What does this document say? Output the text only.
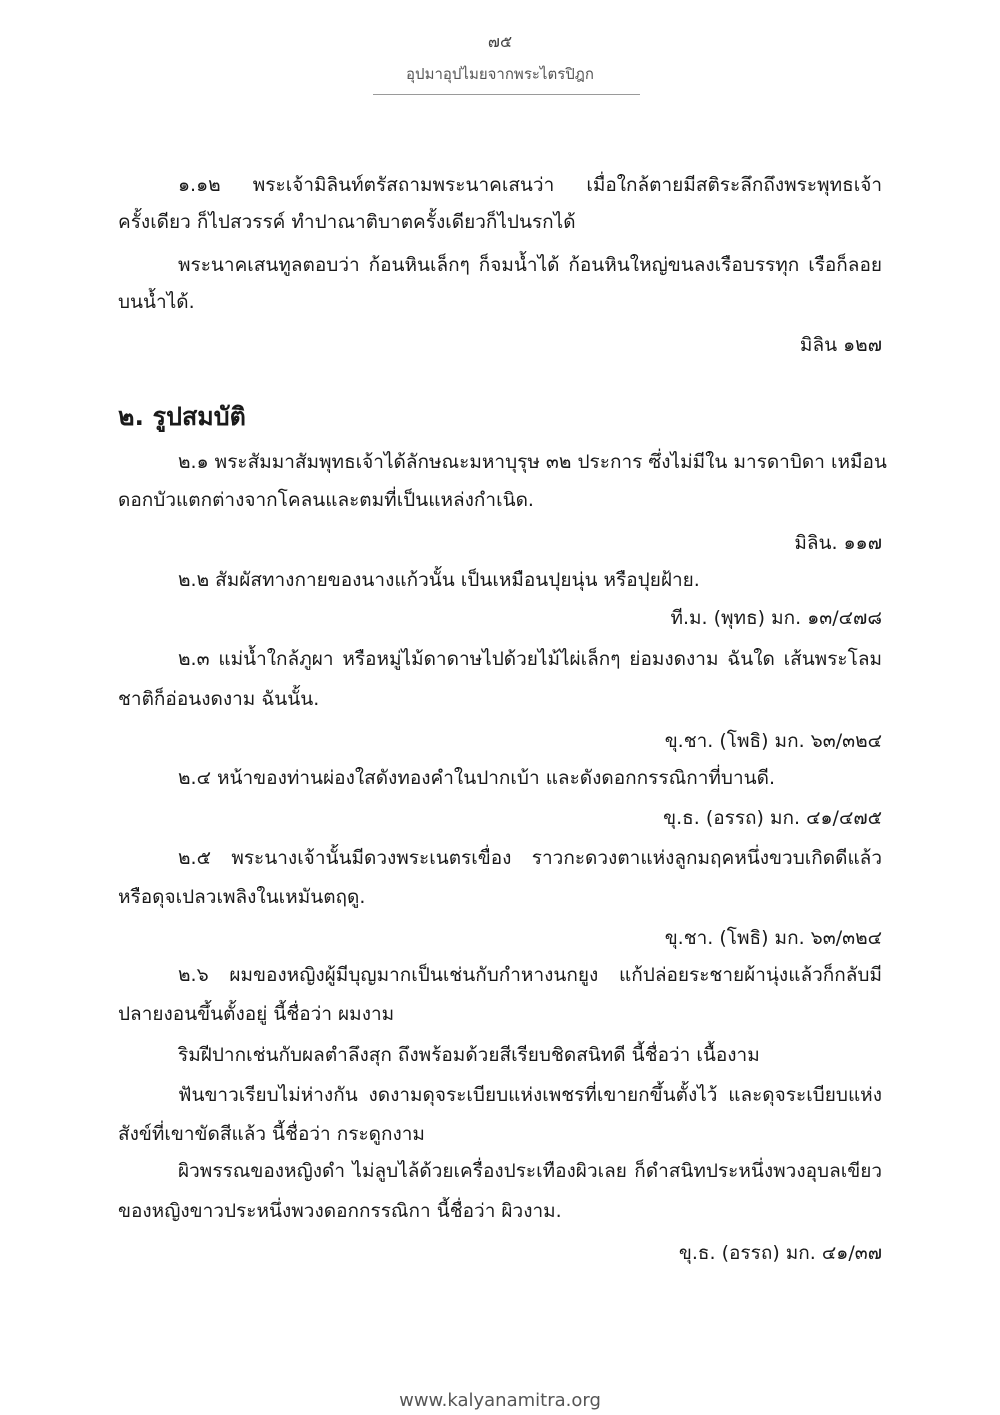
๗๕
อุปมาอุปไมยจากพระไตรปิฎก
๑.๑๒ พระเจ้ามิลินท์ตรัสถามพระนาคเสนว่า เมื่อใกล้ตายมีสติระลึกถึงพระพุทธเจ้า
ครั้งเดียว ก็ไปสวรรค์ ทำปาณาติบาตครั้งเดียวก็ไปนรกได้
พระนาคเสนทูลตอบว่า ก้อนหินเล็กๆ ก็จมน้ำได้ ก้อนหินใหญ่ขนลงเรือบรรทุก เรือก็ลอย
บนน้ำได้.
มิลิน ๑๒๗
๒. รูปสมบัติ
๒.๑ พระสัมมาสัมพุทธเจ้าได้ลักษณะมหาบุรุษ ๓๒ ประการ ซึ่งไม่มีใน มารดาบิดา เหมือน
ดอกบัวแตกต่างจากโคลนและตมที่เป็นแหล่งกำเนิด.
มิลิน. ๑๑๗
๒.๒ สัมผัสทางกายของนางแก้วนั้น เป็นเหมือนปุยนุ่น หรือปุยฝ้าย.
ที.ม. (พุทธ) มก. ๑๓/๔๗๘
๒.๓ แม่น้ำใกล้ภูผา หรือหมู่ไม้ดาดาษไปด้วยไม้ไผ่เล็กๆ ย่อมงดงาม ฉันใด เส้นพระโลม
ชาติก็อ่อนงดงาม ฉันนั้น.
ขุ.ชา. (โพธิ) มก. ๖๓/๓๒๔
๒.๔ หน้าของท่านผ่องใสดังทองคำในปากเบ้า และดังดอกกรรณิกาที่บานดี.
ขุ.ธ. (อรรถ) มก. ๔๑/๔๗๕
๒.๕ พระนางเจ้านั้นมีดวงพระเนตรเขื่อง ราวกะดวงตาแห่งลูกมฤคหนึ่งขวบเกิดดีแล้ว
หรือดุจเปลวเพลิงในเหมันตฤดู.
ขุ.ชา. (โพธิ) มก. ๖๓/๓๒๔
๒.๖ ผมของหญิงผู้มีบุญมากเป็นเช่นกับกำหางนกยูง แก้ปล่อยระชายผ้านุ่งแล้วก็กลับมี
ปลายงอนขึ้นตั้งอยู่ นี้ชื่อว่า ผมงาม
ริมฝีปากเช่นกับผลตำลึงสุก ถึงพร้อมด้วยสีเรียบชิดสนิทดี นี้ชื่อว่า เนื้องาม
ฟันขาวเรียบไม่ห่างกัน งดงามดุจระเบียบแห่งเพชรที่เขายกขึ้นตั้งไว้ และดุจระเบียบแห่ง
สังข์ที่เขาขัดสีแล้ว นี้ชื่อว่า กระดูกงาม
ผิวพรรณของหญิงดำ ไม่ลูบไล้ด้วยเครื่องประเทืองผิวเลย ก็ดำสนิทประหนึ่งพวงอุบลเขียว
ของหญิงขาวประหนึ่งพวงดอกกรรณิกา นี้ชื่อว่า ผิวงาม.
ขุ.ธ. (อรรถ) มก. ๔๑/๓๗
www.kalyanamitra.org
